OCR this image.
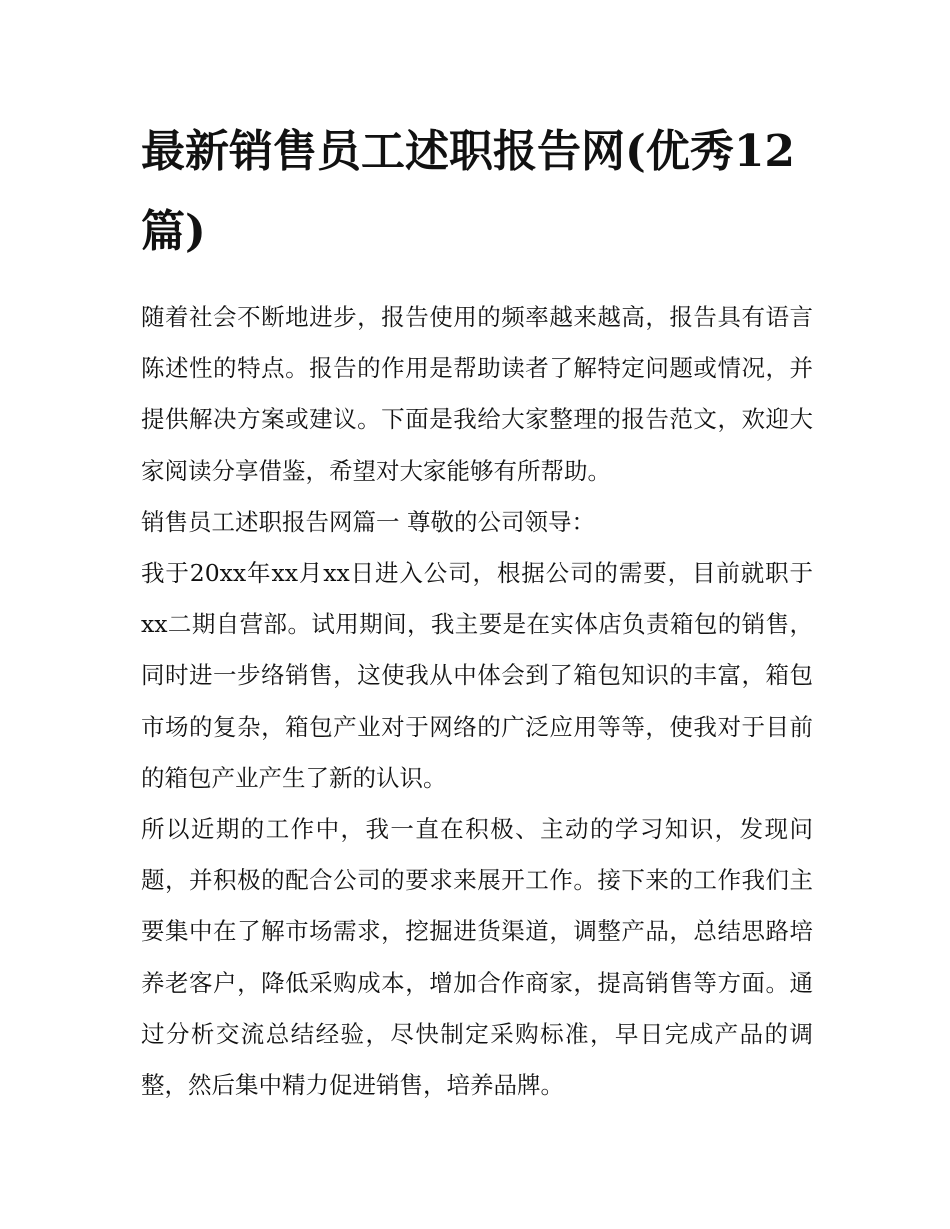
最新销售员工述职报告网(优秀12篇)

随着社会不断地进步，报告使用的频率越来越高，报告具有语言陈述性的特点。报告的作用是帮助读者了解特定问题或情况，并提供解决方案或建议。下面是我给大家整理的报告范文，欢迎大家阅读分享借鉴，希望对大家能够有所帮助。

销售员工述职报告网篇一 尊敬的公司领导：

我于20xx年xx月xx日进入公司，根据公司的需要，目前就职于xx二期自营部。试用期间，我主要是在实体店负责箱包的销售，同时进一步络销售，这使我从中体会到了箱包知识的丰富，箱包市场的复杂，箱包产业对于网络的广泛应用等等，使我对于目前的箱包产业产生了新的认识。

所以近期的工作中，我一直在积极、主动的学习知识，发现问题，并积极的配合公司的要求来展开工作。接下来的工作我们主要集中在了解市场需求，挖掘进货渠道，调整产品，总结思路培养老客户，降低采购成本，增加合作商家，提高销售等方面。通过分析交流总结经验，尽快制定采购标准，早日完成产品的调整，然后集中精力促进销售，培养品牌。
